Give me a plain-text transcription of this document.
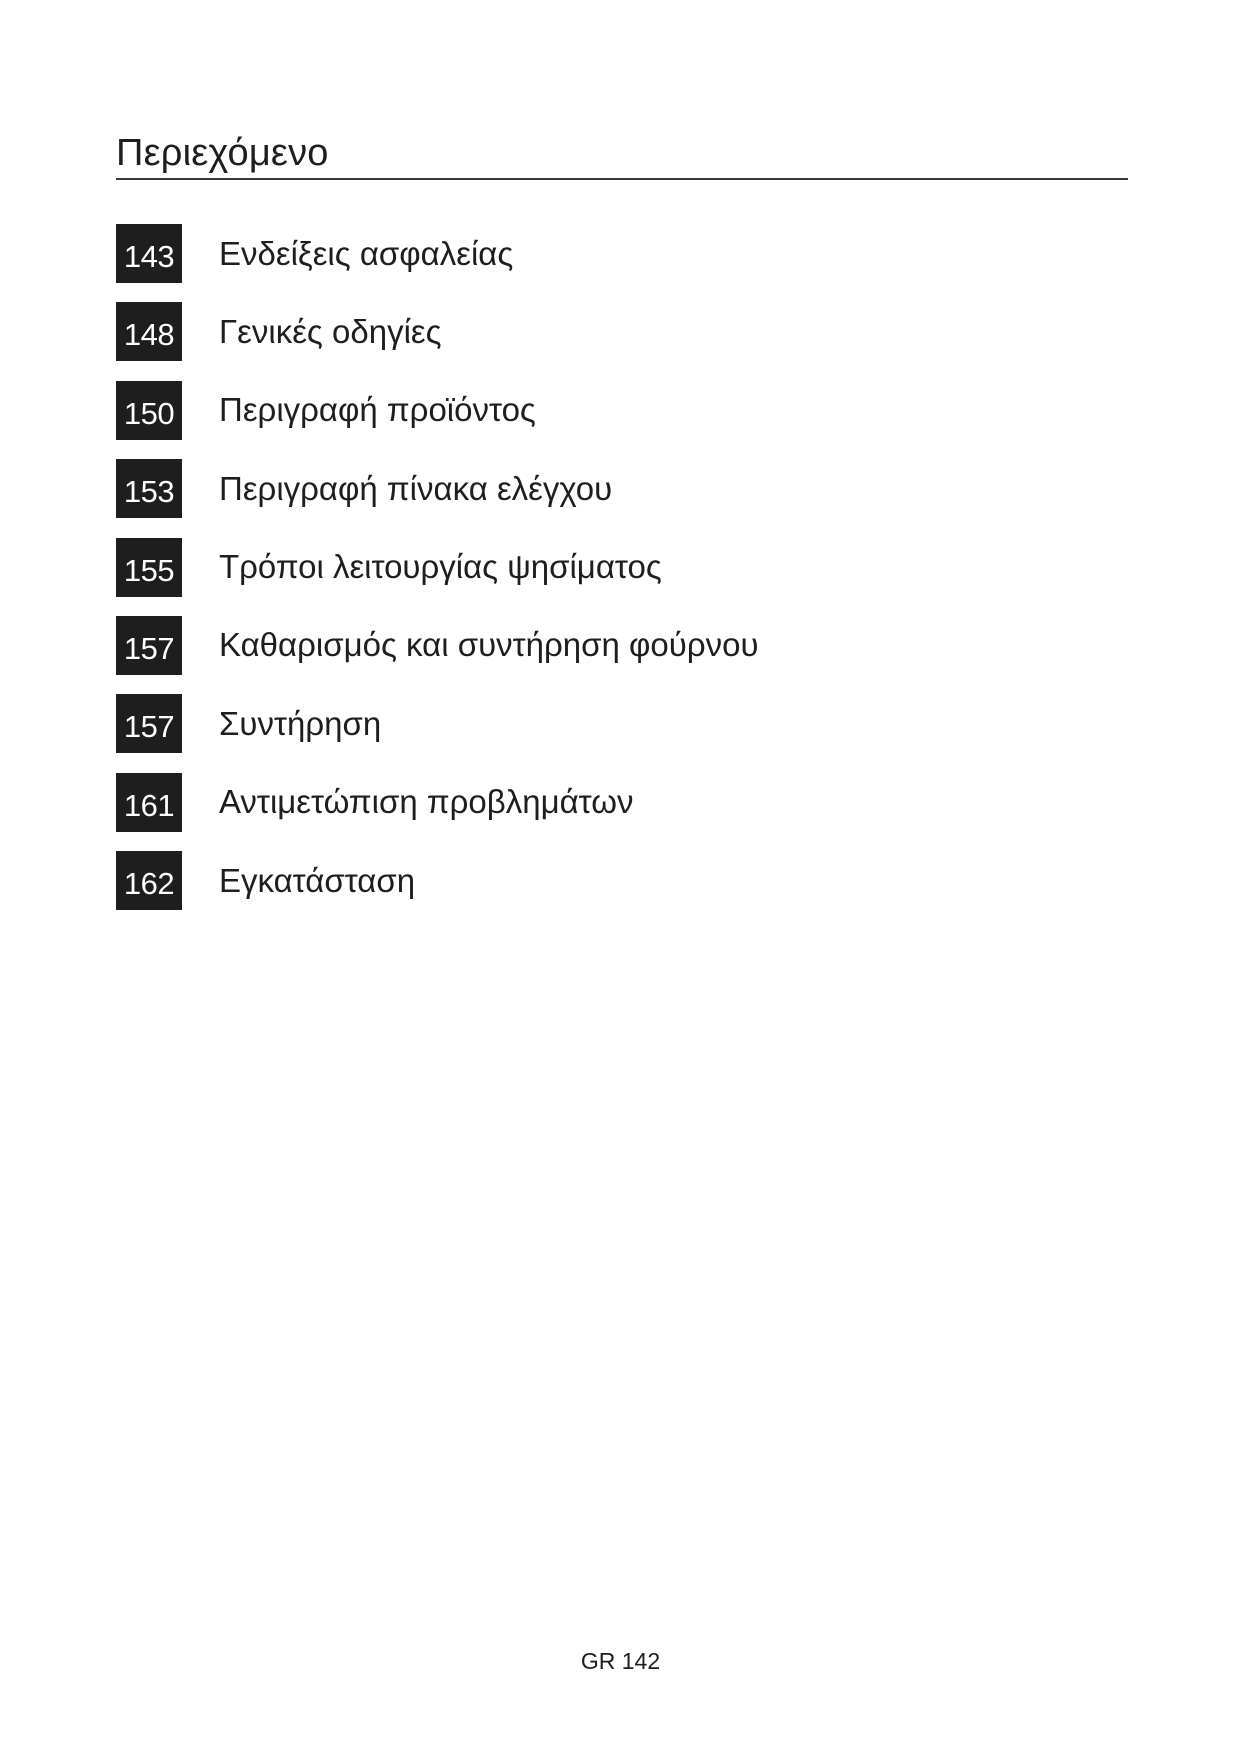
Περιεχόμενο
143 Ενδείξεις ασφαλείας
148 Γενικές οδηγίες
150 Περιγραφή προϊόντος
153 Περιγραφή πίνακα ελέγχου
155 Τρόποι λειτουργίας ψησίματος
157 Καθαρισμός και συντήρηση φούρνου
157 Συντήρηση
161 Αντιμετώπιση προβλημάτων
162 Εγκατάσταση
GR 142
